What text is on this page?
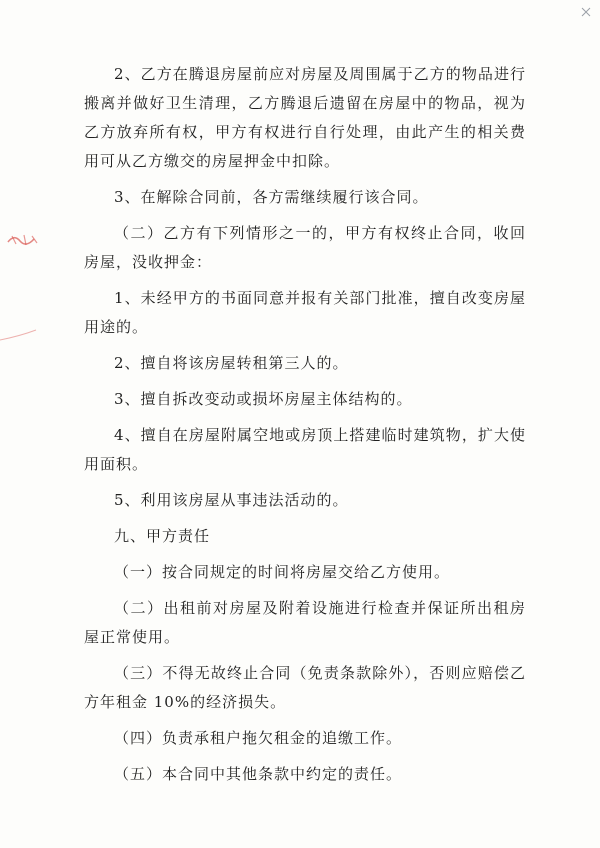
2、乙方在腾退房屋前应对房屋及周围属于乙方的物品进行搬离并做好卫生清理，乙方腾退后遗留在房屋中的物品，视为乙方放弃所有权，甲方有权进行自行处理，由此产生的相关费用可从乙方缴交的房屋押金中扣除。

3、在解除合同前，各方需继续履行该合同。

（二）乙方有下列情形之一的，甲方有权终止合同，收回房屋，没收押金：

1、未经甲方的书面同意并报有关部门批准，擅自改变房屋用途的。

2、擅自将该房屋转租第三人的。

3、擅自拆改变动或损坏房屋主体结构的。

4、擅自在房屋附属空地或房顶上搭建临时建筑物，扩大使用面积。

5、利用该房屋从事违法活动的。

九、甲方责任

（一）按合同规定的时间将房屋交给乙方使用。

（二）出租前对房屋及附着设施进行检查并保证所出租房屋正常使用。

（三）不得无故终止合同（免责条款除外），否则应赔偿乙方年租金 10%的经济损失。

（四）负责承租户拖欠租金的追缴工作。

（五）本合同中其他条款中约定的责任。
